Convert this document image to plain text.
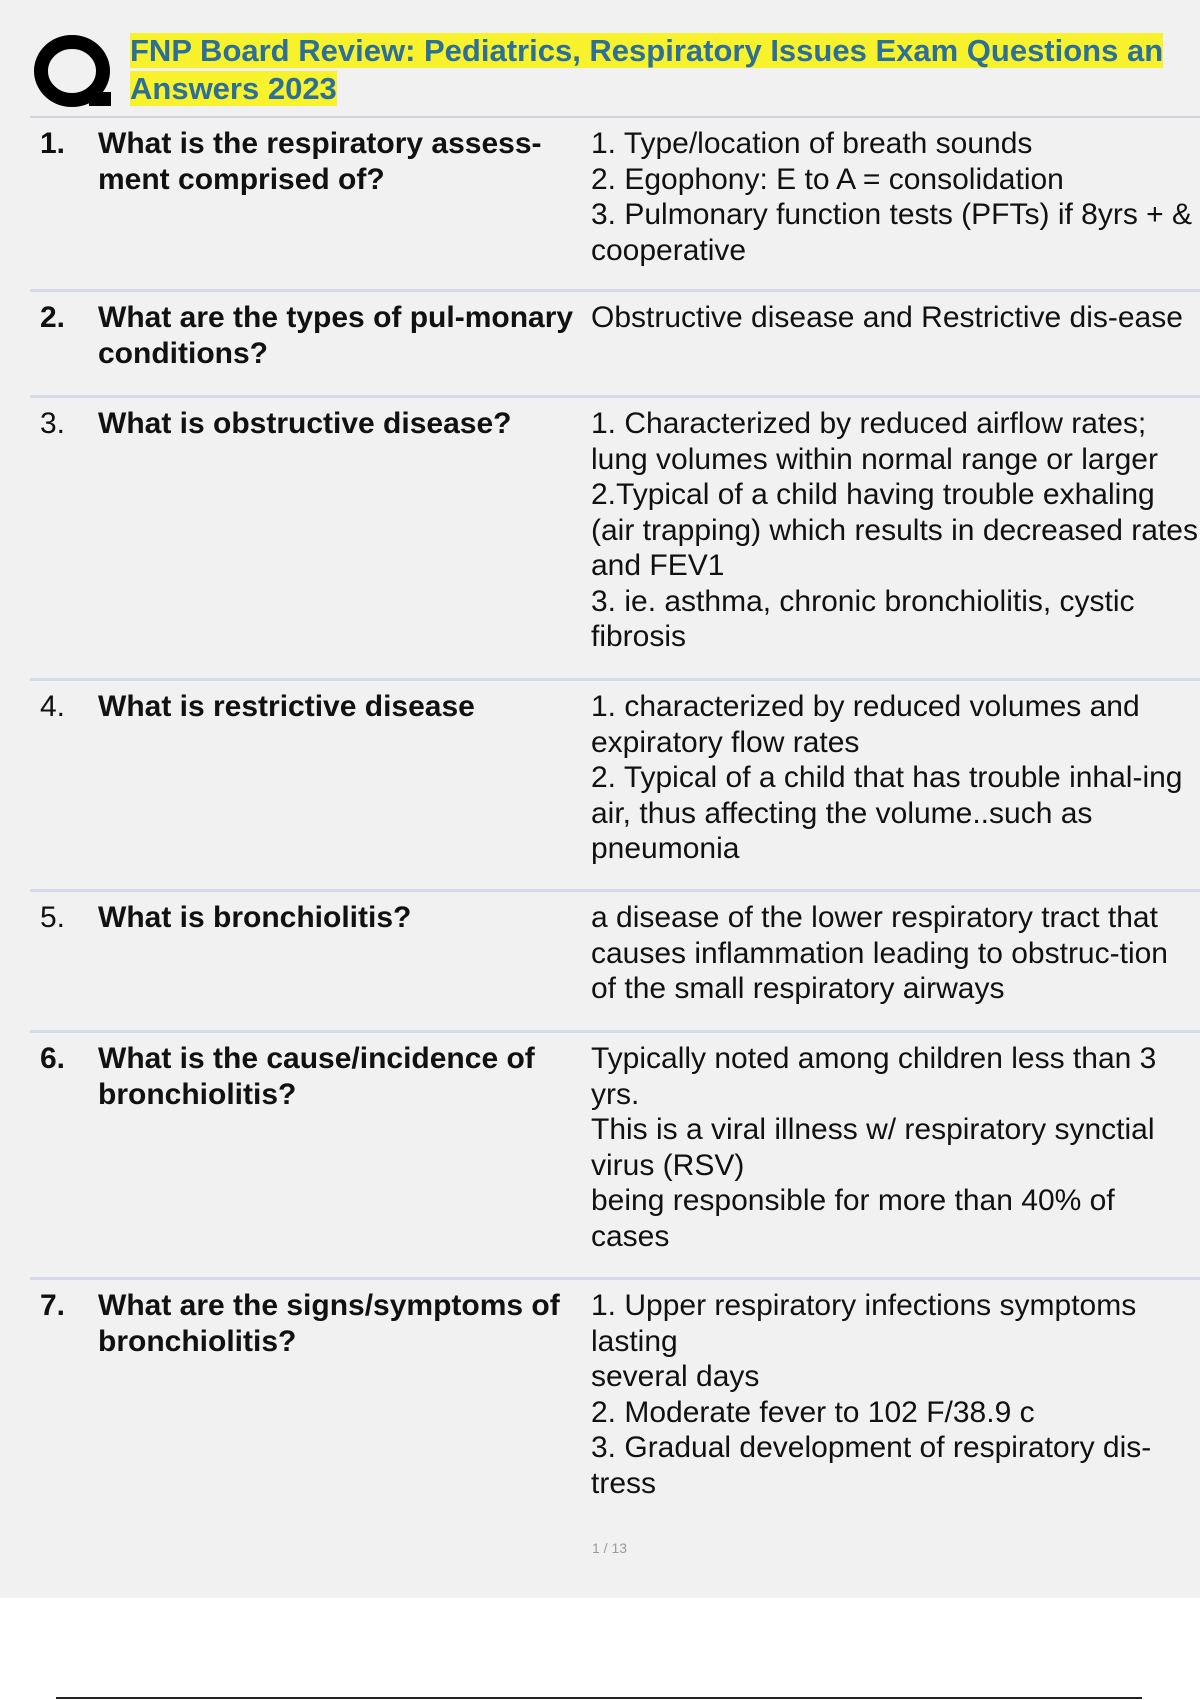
FNP Board Review: Pediatrics, Respiratory Issues Exam Questions an Answers 2023
1.	What is the respiratory assess-ment comprised of?
1. Type/location of breath sounds
2. Egophony: E to A = consolidation
3. Pulmonary function tests (PFTs) if 8yrs + & cooperative
2.	What are the types of pul-monary conditions?
Obstructive disease and Restrictive dis-ease
3.	What is obstructive disease?	1. Characterized by reduced airflow rates; lung volumes within normal range or larger
2.Typical of a child having trouble exhaling (air trapping) which results in decreased rates and FEV1
3. ie. asthma, chronic bronchiolitis, cystic fibrosis
4.	What is restrictive disease	1. characterized by reduced volumes and expiratory flow rates
2. Typical of a child that has trouble inhal-ing air, thus affecting the volume..such as pneumonia
5.	What is bronchiolitis?	a disease of the lower respiratory tract that causes inflammation leading to obstruc-tion of the small respiratory airways
6.	What is the cause/incidence of bronchiolitis?
Typically noted among children less than 3 yrs.
This is a viral illness w/ respiratory synctial virus (RSV)
being responsible for more than 40% of cases
7.	What are the signs/symptoms of bronchiolitis?
1. Upper respiratory infections symptoms lasting
several days
2. Moderate fever to 102 F/38.9 c
3. Gradual development of respiratory dis-tress
1 / 13
